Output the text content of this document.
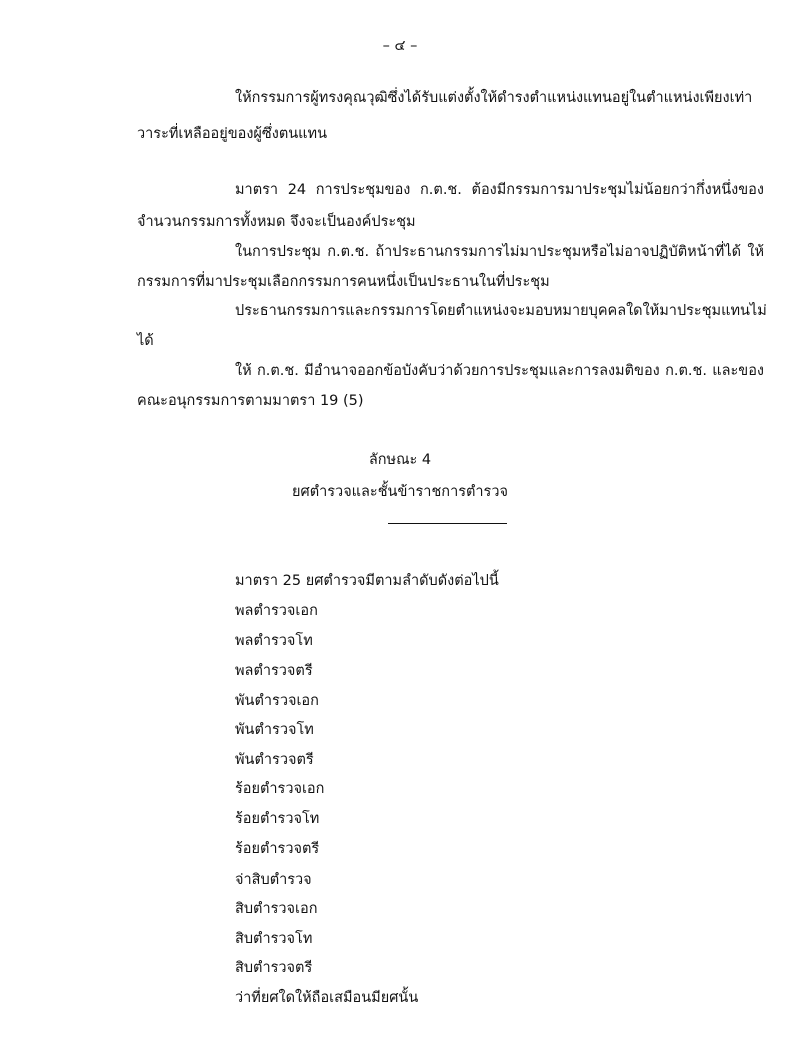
– ๔ –
ให้กรรมการผู้ทรงคุณวุฒิซึ่งได้รับแต่งตั้งให้ดำรงตำแหน่งแทนอยู่ในตำแหน่งเพียงเท่า
วาระที่เหลืออยู่ของผู้ซึ่งตนแทน
มาตรา 24 การประชุมของ ก.ต.ช. ต้องมีกรรมการมาประชุมไม่น้อยกว่ากึ่งหนึ่งของ
จำนวนกรรมการทั้งหมด จึงจะเป็นองค์ประชุม
ในการประชุม ก.ต.ช. ถ้าประธานกรรมการไม่มาประชุมหรือไม่อาจปฏิบัติหน้าที่ได้ ให้
กรรมการที่มาประชุมเลือกกรรมการคนหนึ่งเป็นประธานในที่ประชุม
ประธานกรรมการและกรรมการโดยตำแหน่งจะมอบหมายบุคคลใดให้มาประชุมแทนไม่
ได้
ให้ ก.ต.ช. มีอำนาจออกข้อบังคับว่าด้วยการประชุมและการลงมติของ ก.ต.ช. และของ
คณะอนุกรรมการตามมาตรา 19 (5)
ลักษณะ 4
ยศตำรวจและชั้นข้าราชการตำรวจ
มาตรา 25 ยศตำรวจมีตามลำดับดังต่อไปนี้
พลตำรวจเอก
พลตำรวจโท
พลตำรวจตรี
พันตำรวจเอก
พันตำรวจโท
พันตำรวจตรี
ร้อยตำรวจเอก
ร้อยตำรวจโท
ร้อยตำรวจตรี
จ่าสิบตำรวจ
สิบตำรวจเอก
สิบตำรวจโท
สิบตำรวจตรี
ว่าที่ยศใดให้ถือเสมือนมียศนั้น
